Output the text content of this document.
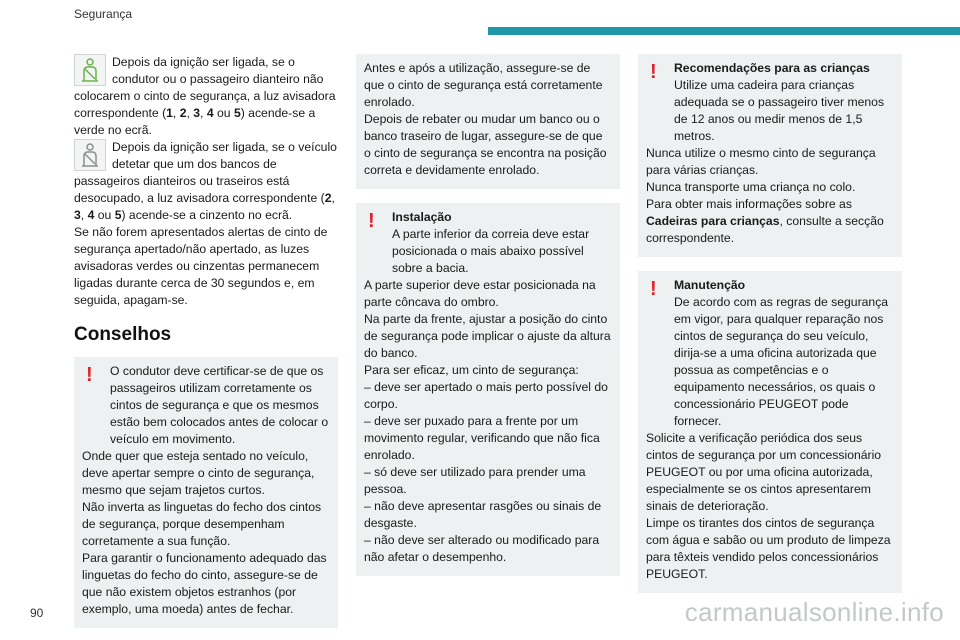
Segurança

Depois da ignição ser ligada, se o condutor ou o passageiro dianteiro não colocarem o cinto de segurança, a luz avisadora correspondente (1, 2, 3, 4 ou 5) acende-se a verde no ecrã.

Depois da ignição ser ligada, se o veículo detetar que um dos bancos de passageiros dianteiros ou traseiros está desocupado, a luz avisadora correspondente (2, 3, 4 ou 5) acende-se a cinzento no ecrã.

Se não forem apresentados alertas de cinto de segurança apertado/não apertado, as luzes avisadoras verdes ou cinzentas permanecem ligadas durante cerca de 30 segundos e, em seguida, apagam-se.

Conselhos

! O condutor deve certificar-se de que os passageiros utilizam corretamente os cintos de segurança e que os mesmos estão bem colocados antes de colocar o veículo em movimento.

Onde quer que esteja sentado no veículo, deve apertar sempre o cinto de segurança, mesmo que sejam trajetos curtos.

Não inverta as linguetas do fecho dos cintos de segurança, porque desempenham corretamente a sua função.

Para garantir o funcionamento adequado das linguetas do fecho do cinto, assegure-se de que não existem objetos estranhos (por exemplo, uma moeda) antes de fechar.

Antes e após a utilização, assegure-se de que o cinto de segurança está corretamente enrolado.

Depois de rebater ou mudar um banco ou o banco traseiro de lugar, assegure-se de que o cinto de segurança se encontra na posição correta e devidamente enrolado.

! Instalação

A parte inferior da correia deve estar posicionada o mais abaixo possível sobre a bacia.

A parte superior deve estar posicionada na parte côncava do ombro.

Na parte da frente, ajustar a posição do cinto de segurança pode implicar o ajuste da altura do banco.

Para ser eficaz, um cinto de segurança:

– deve ser apertado o mais perto possível do corpo.

– deve ser puxado para a frente por um movimento regular, verificando que não fica enrolado.

– só deve ser utilizado para prender uma pessoa.

– não deve apresentar rasgões ou sinais de desgaste.

– não deve ser alterado ou modificado para não afetar o desempenho.

! Recomendações para as crianças

Utilize uma cadeira para crianças adequada se o passageiro tiver menos de 12 anos ou medir menos de 1,5 metros.

Nunca utilize o mesmo cinto de segurança para várias crianças.

Nunca transporte uma criança no colo.

Para obter mais informações sobre as Cadeiras para crianças, consulte a secção correspondente.

! Manutenção

De acordo com as regras de segurança em vigor, para qualquer reparação nos cintos de segurança do seu veículo, dirija-se a uma oficina autorizada que possua as competências e o equipamento necessários, os quais o concessionário PEUGEOT pode fornecer.

Solicite a verificação periódica dos seus cintos de segurança por um concessionário PEUGEOT ou por uma oficina autorizada, especialmente se os cintos apresentarem sinais de deterioração.

Limpe os tirantes dos cintos de segurança com água e sabão ou um produto de limpeza para têxteis vendido pelos concessionários PEUGEOT.

90	carmanualsonline.info
